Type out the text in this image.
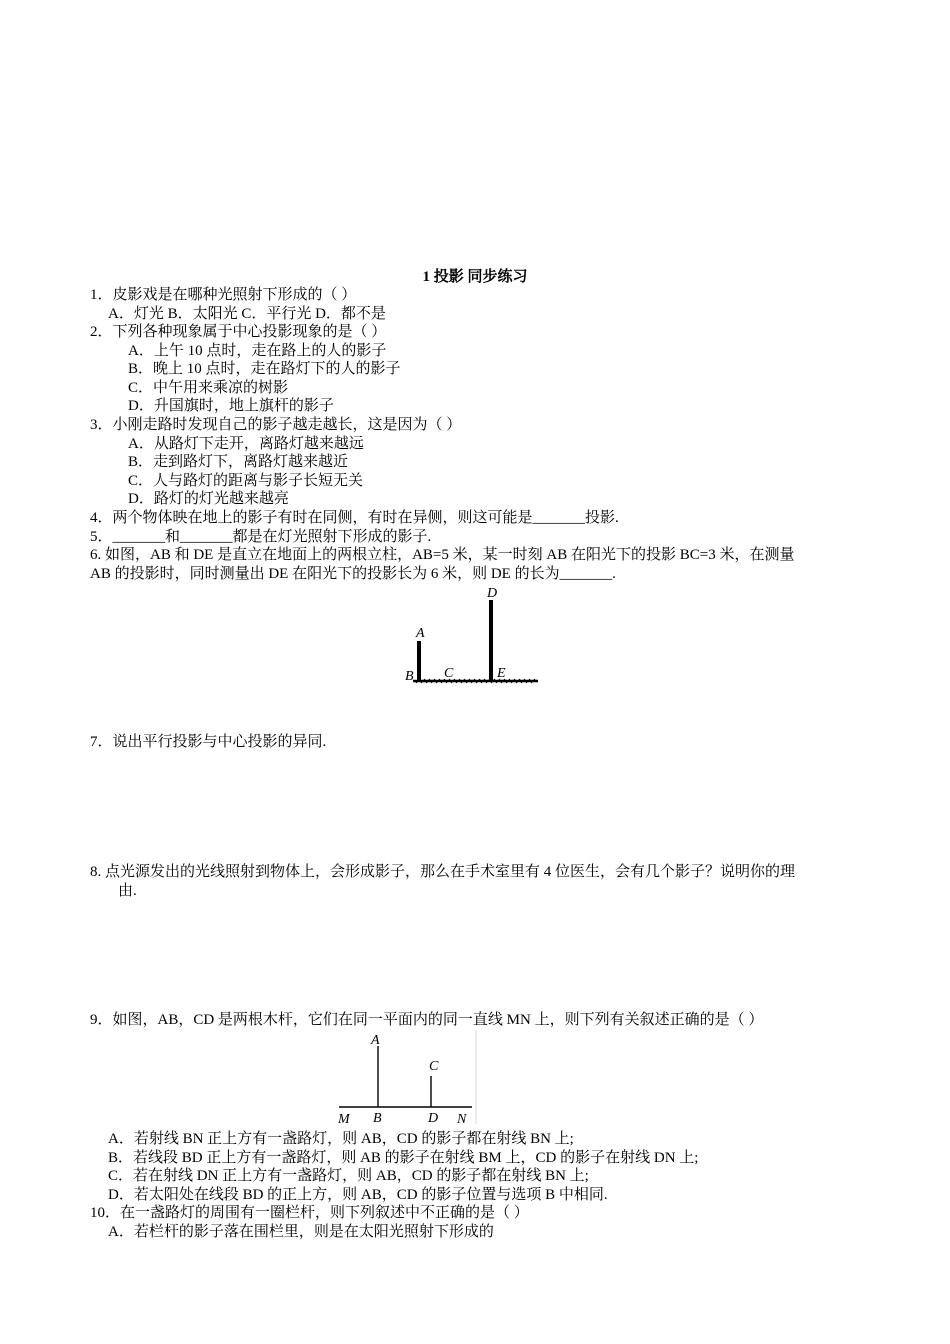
1 投影 同步练习
1．皮影戏是在哪种光照射下形成的（ ）
A．灯光 B．太阳光 C．平行光 D．都不是
2．下列各种现象属于中心投影现象的是（ ）
A．上午 10 点时，走在路上的人的影子
B．晚上 10 点时，走在路灯下的人的影子
C．中午用来乘凉的树影
D．升国旗时，地上旗杆的影子
3．小刚走路时发现自己的影子越走越长，这是因为（ ）
A．从路灯下走开，离路灯越来越远
B．走到路灯下，离路灯越来越近
C．人与路灯的距离与影子长短无关
D．路灯的灯光越来越亮
4．两个物体映在地上的影子有时在同侧，有时在异侧，则这可能是_______投影.
5．_______和_______都是在灯光照射下形成的影子.
6. 如图，AB 和 DE 是直立在地面上的两根立柱，AB=5 米，某一时刻 AB 在阳光下的投影 BC=3 米，在测量
AB 的投影时，同时测量出 DE 在阳光下的投影长为 6 米，则 DE 的长为_______.
A
B C
D
E
7．说出平行投影与中心投影的异同.
8. 点光源发出的光线照射到物体上，会形成影子，那么在手术室里有 4 位医生，会有几个影子？说明你的理
由.
9．如图，AB，CD 是两根木杆，它们在同一平面内的同一直线 MN 上，则下列有关叙述正确的是（ ）
A
C
M B	D N
A．若射线 BN 正上方有一盏路灯，则 AB，CD 的影子都在射线 BN 上;
B．若线段 BD 正上方有一盏路灯，则 AB 的影子在射线 BM 上，CD 的影子在射线 DN 上;
C．若在射线 DN 正上方有一盏路灯，则 AB，CD 的影子都在射线 BN 上;
D．若太阳处在线段 BD 的正上方，则 AB，CD 的影子位置与选项 B 中相同.
10．在一盏路灯的周围有一圈栏杆，则下列叙述中不正确的是（ ）
A．若栏杆的影子落在围栏里，则是在太阳光照射下形成的
